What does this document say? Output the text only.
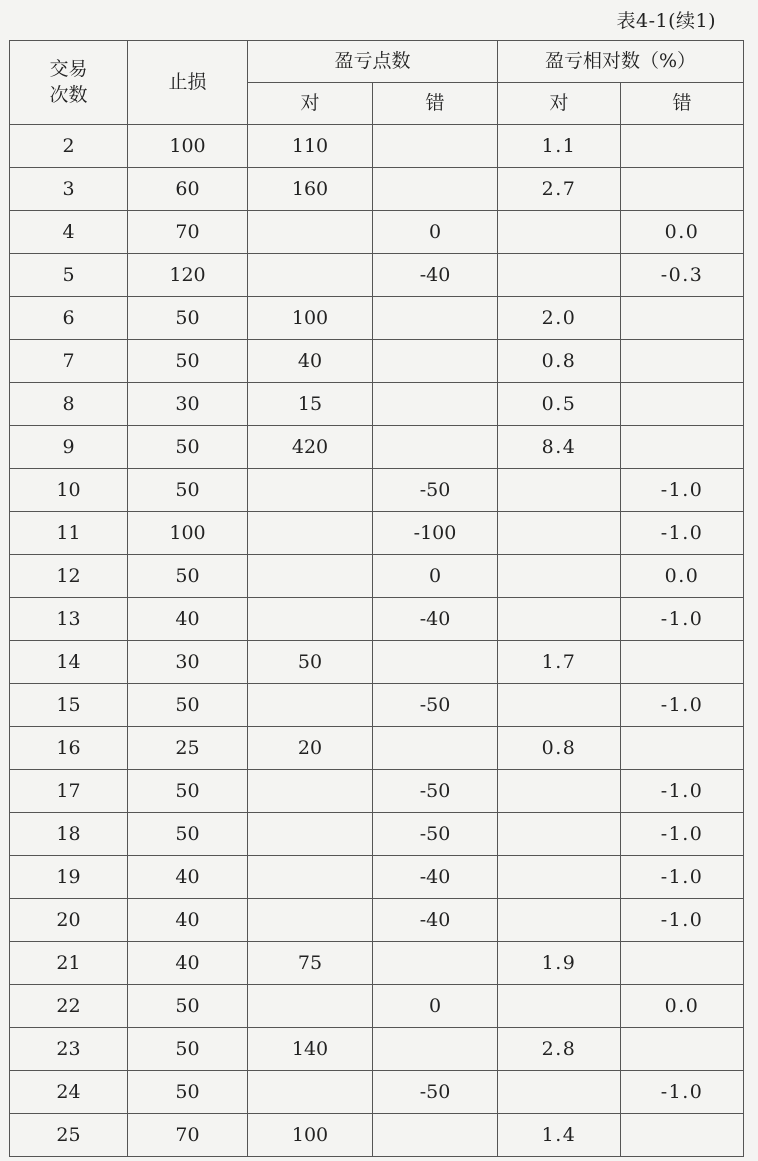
表4-1(续1)
交易
次数	止损	盈亏点数		盈亏相对数（%）	
		对	错	对	错
2	100	110		1.1	
3	60	160		2.7	
4	70		0		0.0
5	120		-40		-0.3
6	50	100		2.0	
7	50	40		0.8	
8	30	15		0.5	
9	50	420		8.4	
10	50		-50		-1.0
11	100		-100		-1.0
12	50		0		0.0
13	40		-40		-1.0
14	30	50		1.7	
15	50		-50		-1.0
16	25	20		0.8	
17	50		-50		-1.0
18	50		-50		-1.0
19	40		-40		-1.0
20	40		-40		-1.0
21	40	75		1.9	
22	50		0		0.0
23	50	140		2.8	
24	50		-50		-1.0
25	70	100		1.4	
